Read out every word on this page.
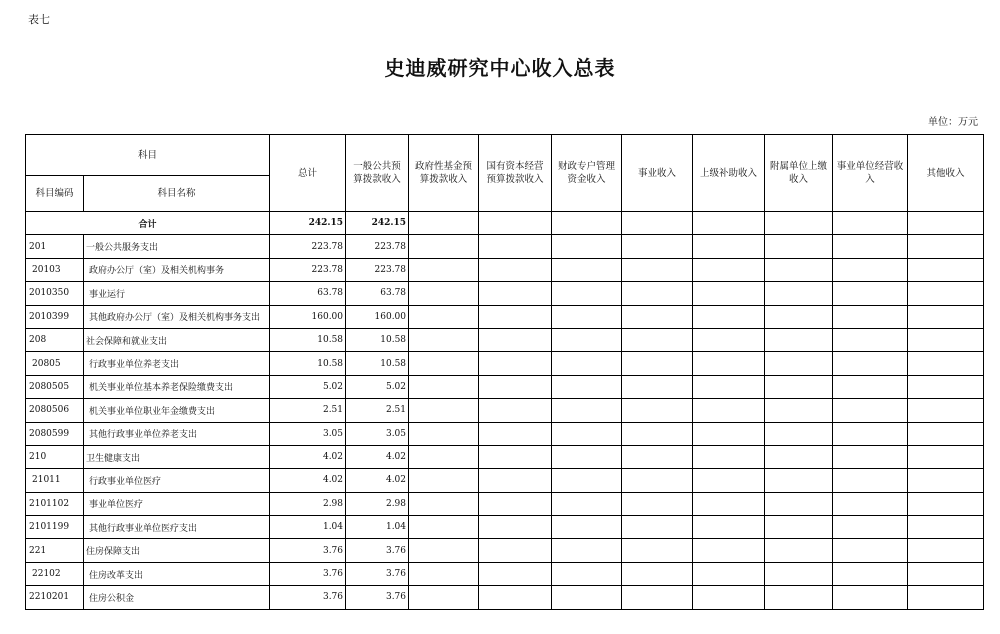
表七
史迪威研究中心收入总表
单位：万元
科目		总计	一般公共预算拨款收入	政府性基金预算拨款收入	国有资本经营预算拨款收入	财政专户管理资金收入	事业收入	上级补助收入	附属单位上缴收入	事业单位经营收入	其他收入
科目编码	科目名称										
合计		242.15	242.15								
201	一般公共服务支出	223.78	223.78								
20103	政府办公厅（室）及相关机构事务	223.78	223.78								
2010350	事业运行	63.78	63.78								
2010399	其他政府办公厅（室）及相关机构事务支出	160.00	160.00								
208	社会保障和就业支出	10.58	10.58								
20805	行政事业单位养老支出	10.58	10.58								
2080505	机关事业单位基本养老保险缴费支出	5.02	5.02								
2080506	机关事业单位职业年金缴费支出	2.51	2.51								
2080599	其他行政事业单位养老支出	3.05	3.05								
210	卫生健康支出	4.02	4.02								
21011	行政事业单位医疗	4.02	4.02								
2101102	事业单位医疗	2.98	2.98								
2101199	其他行政事业单位医疗支出	1.04	1.04								
221	住房保障支出	3.76	3.76								
22102	住房改革支出	3.76	3.76								
2210201	住房公积金	3.76	3.76								
